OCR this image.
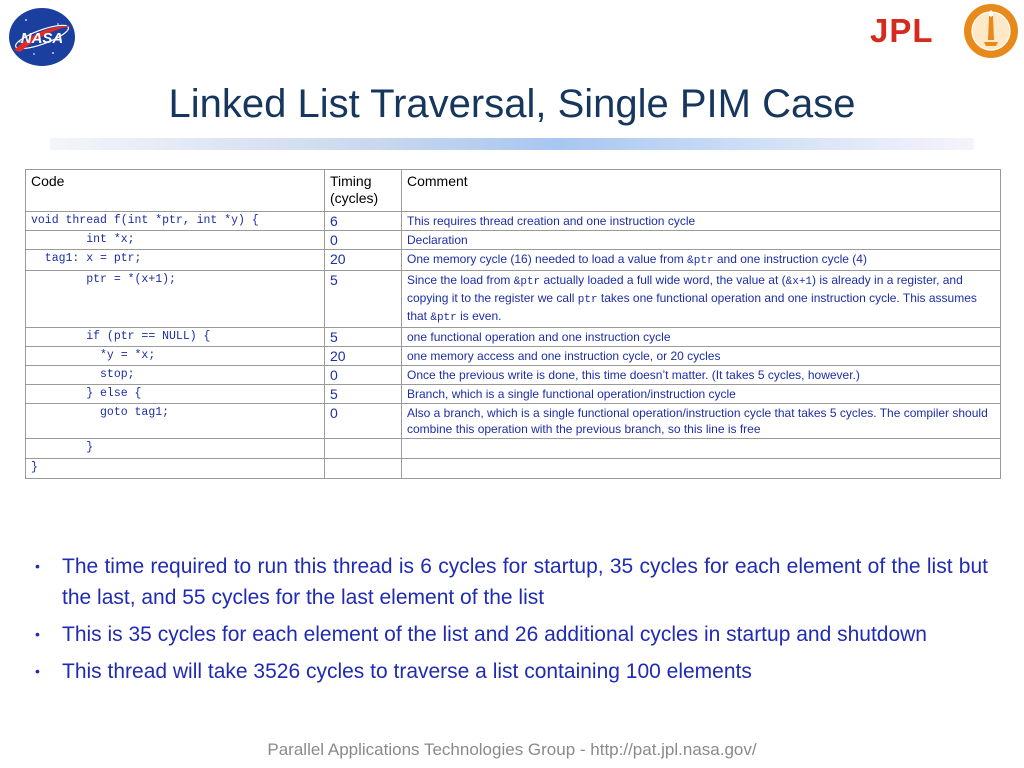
NASA	JPL
Linked List Traversal, Single PIM Case
Code	Timing (cycles)	Comment
void thread f(int *ptr, int *y) {	6	This requires thread creation and one instruction cycle
int *x;	0	Declaration
tag1: x = ptr;	20	One memory cycle (16) needed to load a value from &ptr and one instruction cycle (4)
ptr = *(x+1);	5	Since the load from &ptr actually loaded a full wide word, the value at (&x+1) is already in a register, and copying it to the register we call ptr takes one functional operation and one instruction cycle. This assumes that &ptr is even.
if (ptr == NULL) {	5	one functional operation and one instruction cycle
*y = *x;	20	one memory access and one instruction cycle, or 20 cycles
stop;	0	Once the previous write is done, this time doesn’t matter. (It takes 5 cycles, however.)
} else {	5	Branch, which is a single functional operation/instruction cycle
goto tag1;	0	Also a branch, which is a single functional operation/instruction cycle that takes 5 cycles. The compiler should combine this operation with the previous branch, so this line is free
}		
}		
• The time required to run this thread is 6 cycles for startup, 35 cycles for each element of the list but the last, and 55 cycles for the last element of the list
• This is 35 cycles for each element of the list and 26 additional cycles in startup and shutdown
• This thread will take 3526 cycles to traverse a list containing 100 elements
Parallel Applications Technologies Group - http://pat.jpl.nasa.gov/
